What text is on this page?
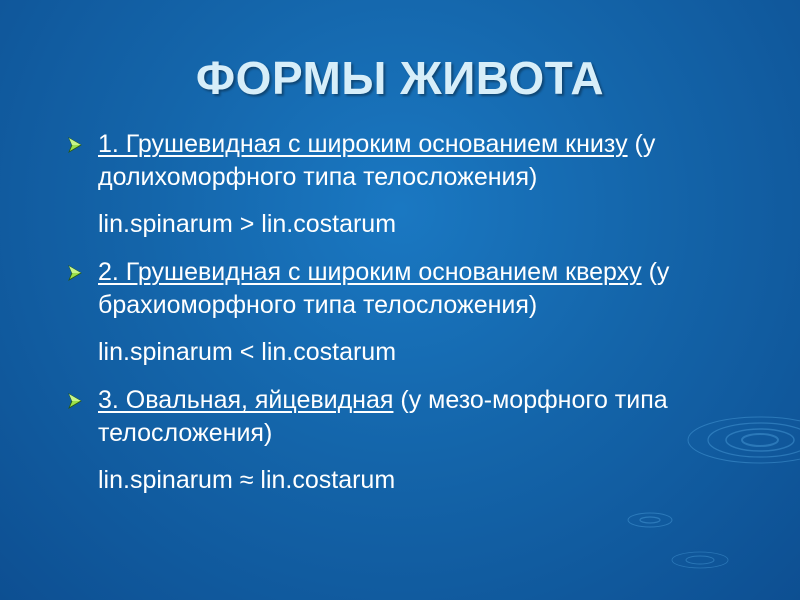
ФОРМЫ ЖИВОТА
1. Грушевидная с широким основанием книзу (у долихоморфного типа телосложения)
lin.spinarum > lin.costarum
2. Грушевидная с широким основанием кверху (у брахиоморфного типа телосложения)
lin.spinarum < lin.costarum
3. Овальная, яйцевидная (у мезо-морфного типа телосложения)
lin.spinarum ≈ lin.costarum
